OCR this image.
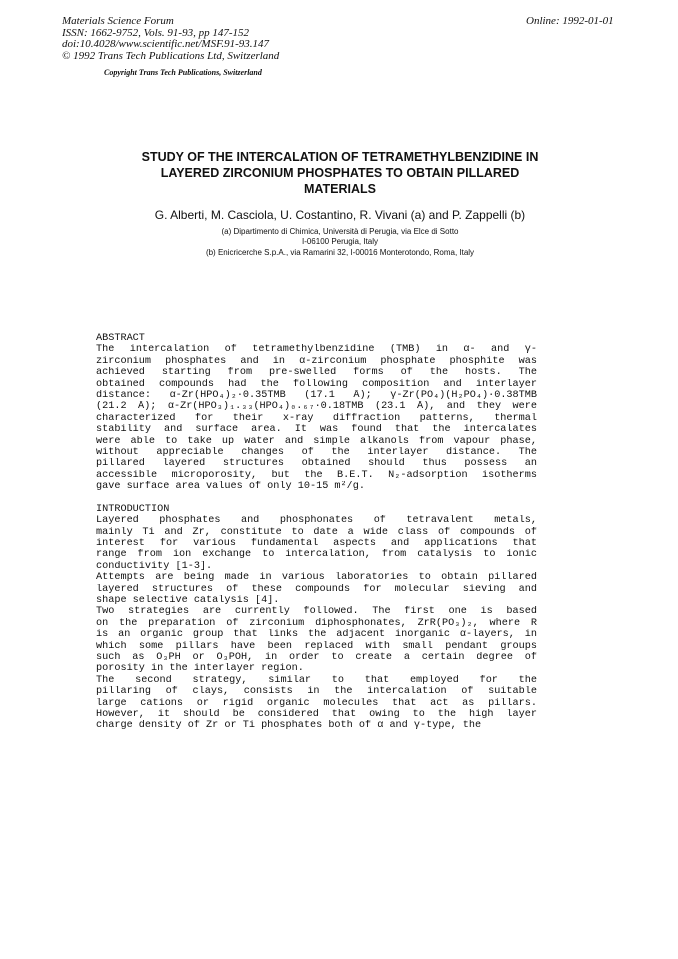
Materials Science Forum
ISSN: 1662-9752, Vols. 91-93, pp 147-152
doi:10.4028/www.scientific.net/MSF.91-93.147
© 1992 Trans Tech Publications Ltd, Switzerland
Online: 1992-01-01
Copyright Trans Tech Publications, Switzerland
STUDY OF THE INTERCALATION OF TETRAMETHYLBENZIDINE IN
LAYERED ZIRCONIUM PHOSPHATES TO OBTAIN PILLARED
MATERIALS
G. Alberti, M. Casciola, U. Costantino, R. Vivani (a) and P. Zappelli (b)
(a) Dipartimento di Chimica, Università di Perugia, via Elce di Sotto
I-06100 Perugia, Italy
(b) Enicricerche S.p.A., via Ramarini 32, I-00016 Monterotondo, Roma, Italy
ABSTRACT
The intercalation of tetramethylbenzidine (TMB) in α- and γ-
zirconium phosphates and in α-zirconium phosphate phosphite was
achieved starting from pre-swelled forms of the hosts. The
obtained compounds had the following composition and interlayer
distance: α-Zr(HPO₄)₂·0.35TMB (17.1 Å); γ-Zr(PO₄)(H₂PO₄)·0.38TMB
(21.2 Å); α-Zr(HPO₃)₁.₃₃(HPO₄)₀.₆₇·0.18TMB (23.1 Å), and they were
characterized for their x-ray diffraction patterns, thermal
stability and surface area. It was found that the intercalates
were able to take up water and simple alkanols from vapour phase,
without appreciable changes of the interlayer distance. The
pillared layered structures obtained should thus possess an
accessible microporosity, but the B.E.T. N₂-adsorption isotherms
gave surface area values of only 10-15 m²/g.
INTRODUCTION
Layered phosphates and phosphonates of tetravalent metals,
mainly Ti and Zr, constitute to date a wide class of compounds of
interest for various fundamental aspects and applications that
range from ion exchange to intercalation, from catalysis to ionic
conductivity [1-3].
Attempts are being made in various laboratories to obtain pillared
layered structures of these compounds for molecular sieving and
shape selective catalysis [4].
Two strategies are currently followed. The first one is based
on the preparation of zirconium diphosphonates, ZrR(PO₃)₂, where R
is an organic group that links the adjacent inorganic α-layers, in
which some pillars have been replaced with small pendant groups
such as O₃PH or O₃POH, in order to create a certain degree of
porosity in the interlayer region.
The second strategy, similar to that employed for the
pillaring of clays, consists in the intercalation of suitable
large cations or rigid organic molecules that act as pillars.
However, it should be considered that owing to the high layer
charge density of Zr or Ti phosphates both of α and γ-type, the
